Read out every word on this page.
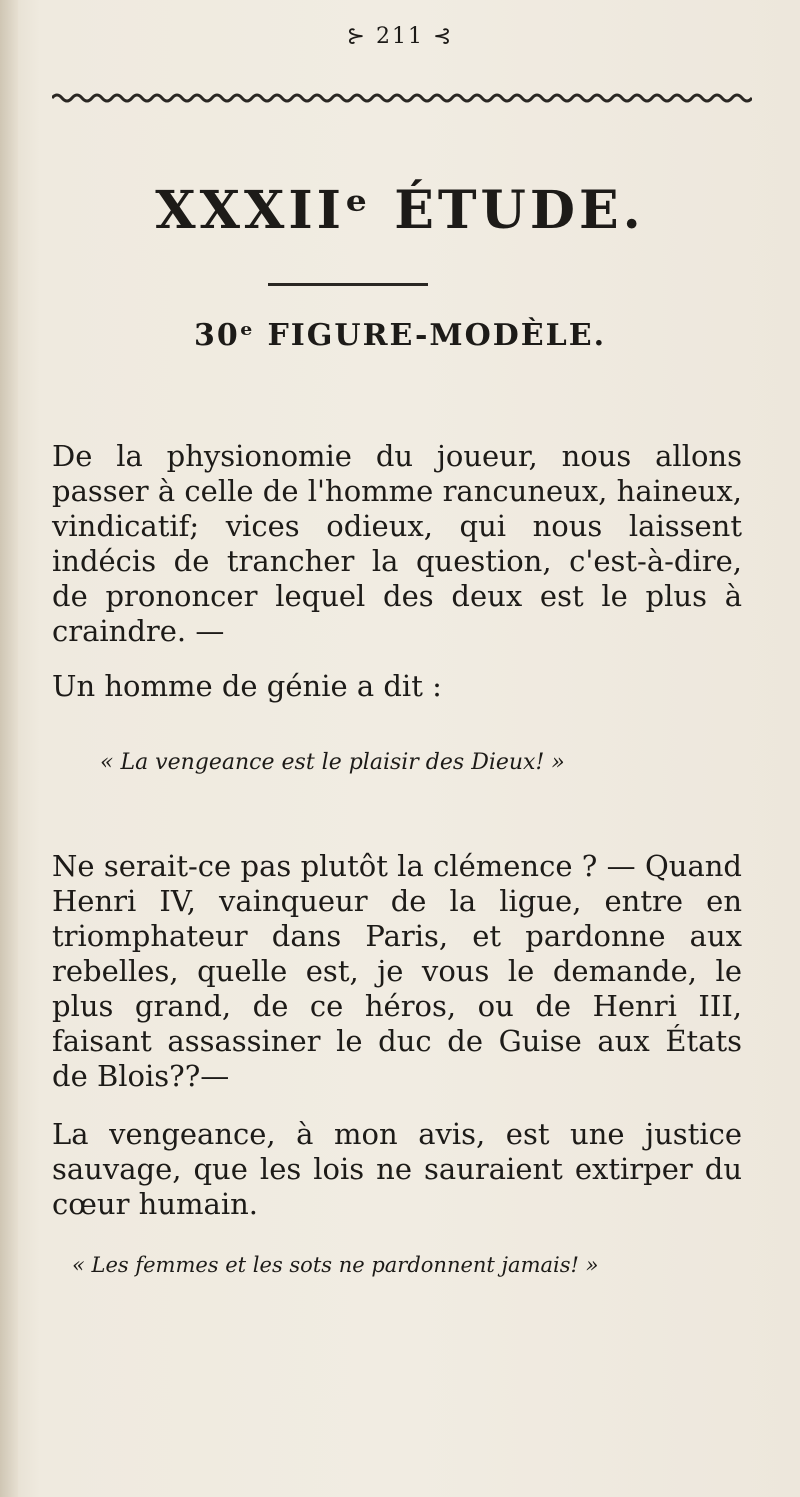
⊱ 211 ⊰
XXXIIᵉ ÉTUDE.
30ᵉ FIGURE-MODÈLE.

De la physionomie du joueur, nous allons passer à celle de l'homme rancuneux, haineux, vindicatif; vices odieux, qui nous laissent indécis de trancher la question, c'est-à-dire, de prononcer lequel des deux est le plus à craindre. —

Un homme de génie a dit :

« La vengeance est le plaisir des Dieux! »

Ne serait-ce pas plutôt la clémence ? — Quand Henri IV, vainqueur de la ligue, entre en triomphateur dans Paris, et pardonne aux rebelles, quelle est, je vous le demande, le plus grand, de ce héros, ou de Henri III, faisant assassiner le duc de Guise aux États de Blois??—

La vengeance, à mon avis, est une justice sauvage, que les lois ne sauraient extirper du cœur humain.

« Les femmes et les sots ne pardonnent jamais! »
